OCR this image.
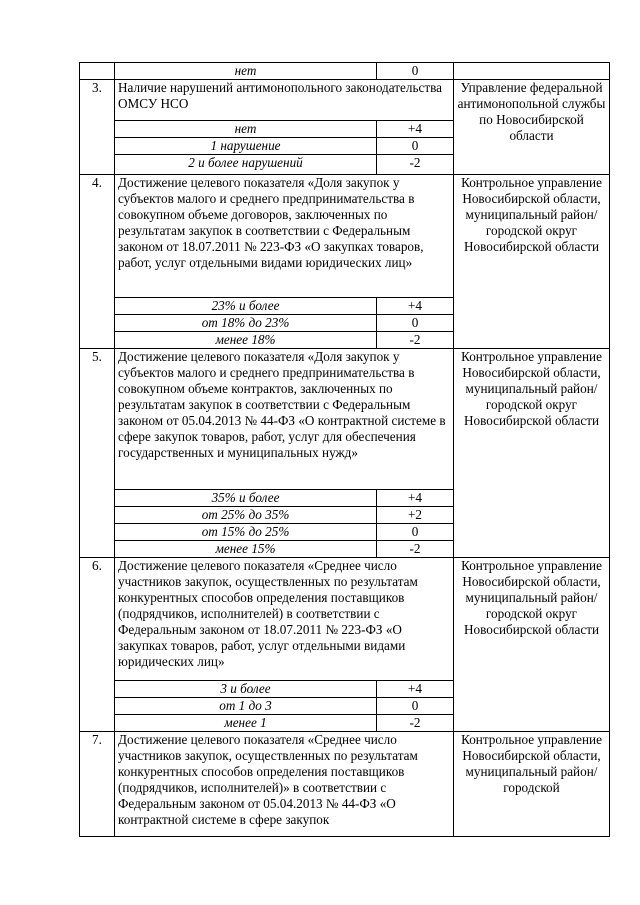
	нет	0	
3.	Наличие нарушений антимонопольного законодательства ОМСУ НСО		Управление федеральной антимонопольной службы по Новосибирской области
	нет	+4	
	1 нарушение	0	
	2 и более нарушений	-2	
4.	Достижение целевого показателя «Доля закупок у субъектов малого и среднего предпринимательства в совокупном объеме договоров, заключенных по результатам закупок в соответствии с Федеральным законом от 18.07.2011 № 223-ФЗ «О закупках товаров, работ, услуг отдельными видами юридических лиц»		Контрольное управление Новосибирской области, муниципальный район/городской округ Новосибирской области
	23% и более	+4	
	от 18% до 23%	0	
	менее 18%	-2	
5.	Достижение целевого показателя «Доля закупок у субъектов малого и среднего предпринимательства в совокупном объеме контрактов, заключенных по результатам закупок в соответствии с Федеральным законом от 05.04.2013 № 44-ФЗ «О контрактной системе в сфере закупок товаров, работ, услуг для обеспечения государственных и муниципальных нужд»		Контрольное управление Новосибирской области, муниципальный район/городской округ Новосибирской области
	35% и более	+4	
	от 25% до 35%	+2	
	от 15% до 25%	0	
	менее 15%	-2	
6.	Достижение целевого показателя «Среднее число участников закупок, осуществленных по результатам конкурентных способов определения поставщиков (подрядчиков, исполнителей) в соответствии с Федеральным законом от 18.07.2011 № 223-ФЗ «О закупках товаров, работ, услуг отдельными видами юридических лиц»		Контрольное управление Новосибирской области, муниципальный район/городской округ Новосибирской области
	3 и более	+4	
	от 1 до 3	0	
	менее 1	-2	
7.	Достижение целевого показателя «Среднее число участников закупок, осуществленных по результатам конкурентных способов определения поставщиков (подрядчиков, исполнителей)» в соответствии с Федеральным законом от 05.04.2013 № 44-ФЗ «О контрактной системе в сфере закупок		Контрольное управление Новосибирской области, муниципальный район/городской
